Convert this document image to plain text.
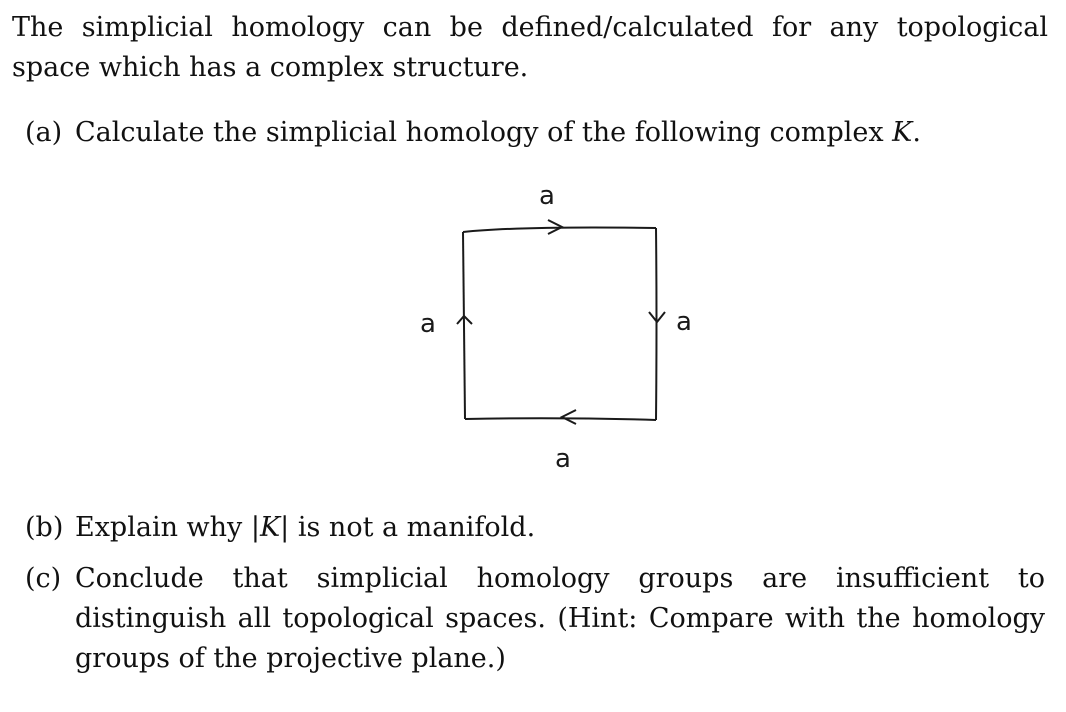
The simplicial homology can be defined/calculated for any topological space which has a complex structure.
(a) Calculate the simplicial homology of the following complex K.
a
a	a
a
(b) Explain why |K| is not a manifold.
(c) Conclude that simplicial homology groups are insufficient to distinguish all topological spaces. (Hint: Compare with the homology groups of the projective plane.)
